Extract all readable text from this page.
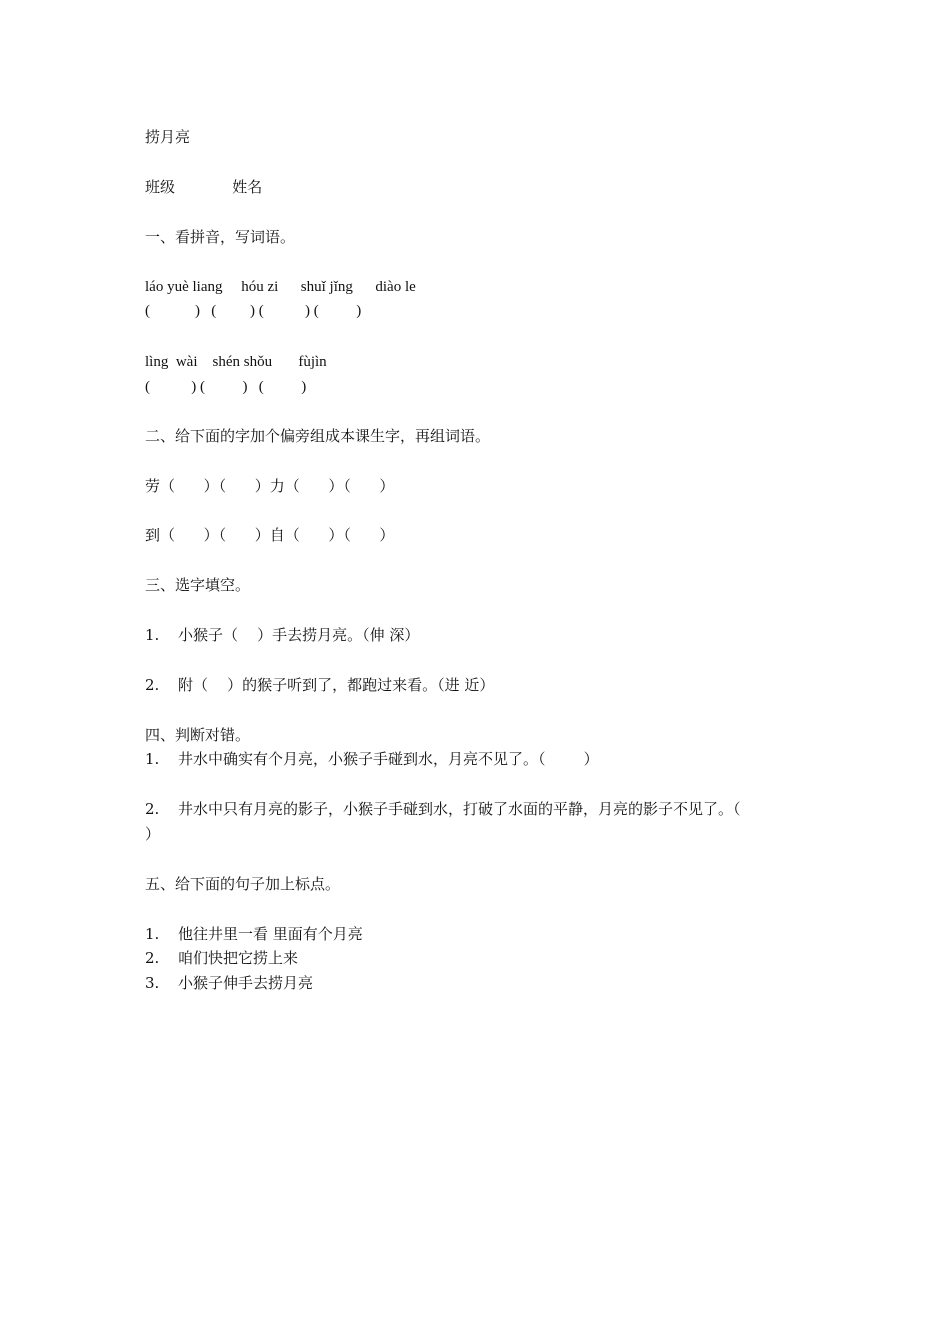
捞月亮
班级            姓名
一、看拼音，写词语。
láo yuè liang     hóu zi      shuǐ jǐng      diào le
(            )   (         ) (           ) (          )
lìng  wài    shén shǒu       fùjìn
(           ) (          )   (          )
二、给下面的字加个偏旁组成本课生字，再组词语。
劳（      ）（      ）力（      ）（      ）
到（      ）（      ）自（      ）（      ）
三、选字填空。
1. 小猴子（    ）手去捞月亮。（伸 深）
2. 附（    ）的猴子听到了，都跑过来看。（进 近）
四、判断对错。
1. 井水中确实有个月亮，小猴子手碰到水，月亮不见了。（        ）
2. 井水中只有月亮的影子，小猴子手碰到水，打破了水面的平静，月亮的影子不见了。（
）
五、给下面的句子加上标点。
1. 他往井里一看 里面有个月亮
2. 咱们快把它捞上来
3. 小猴子伸手去捞月亮
